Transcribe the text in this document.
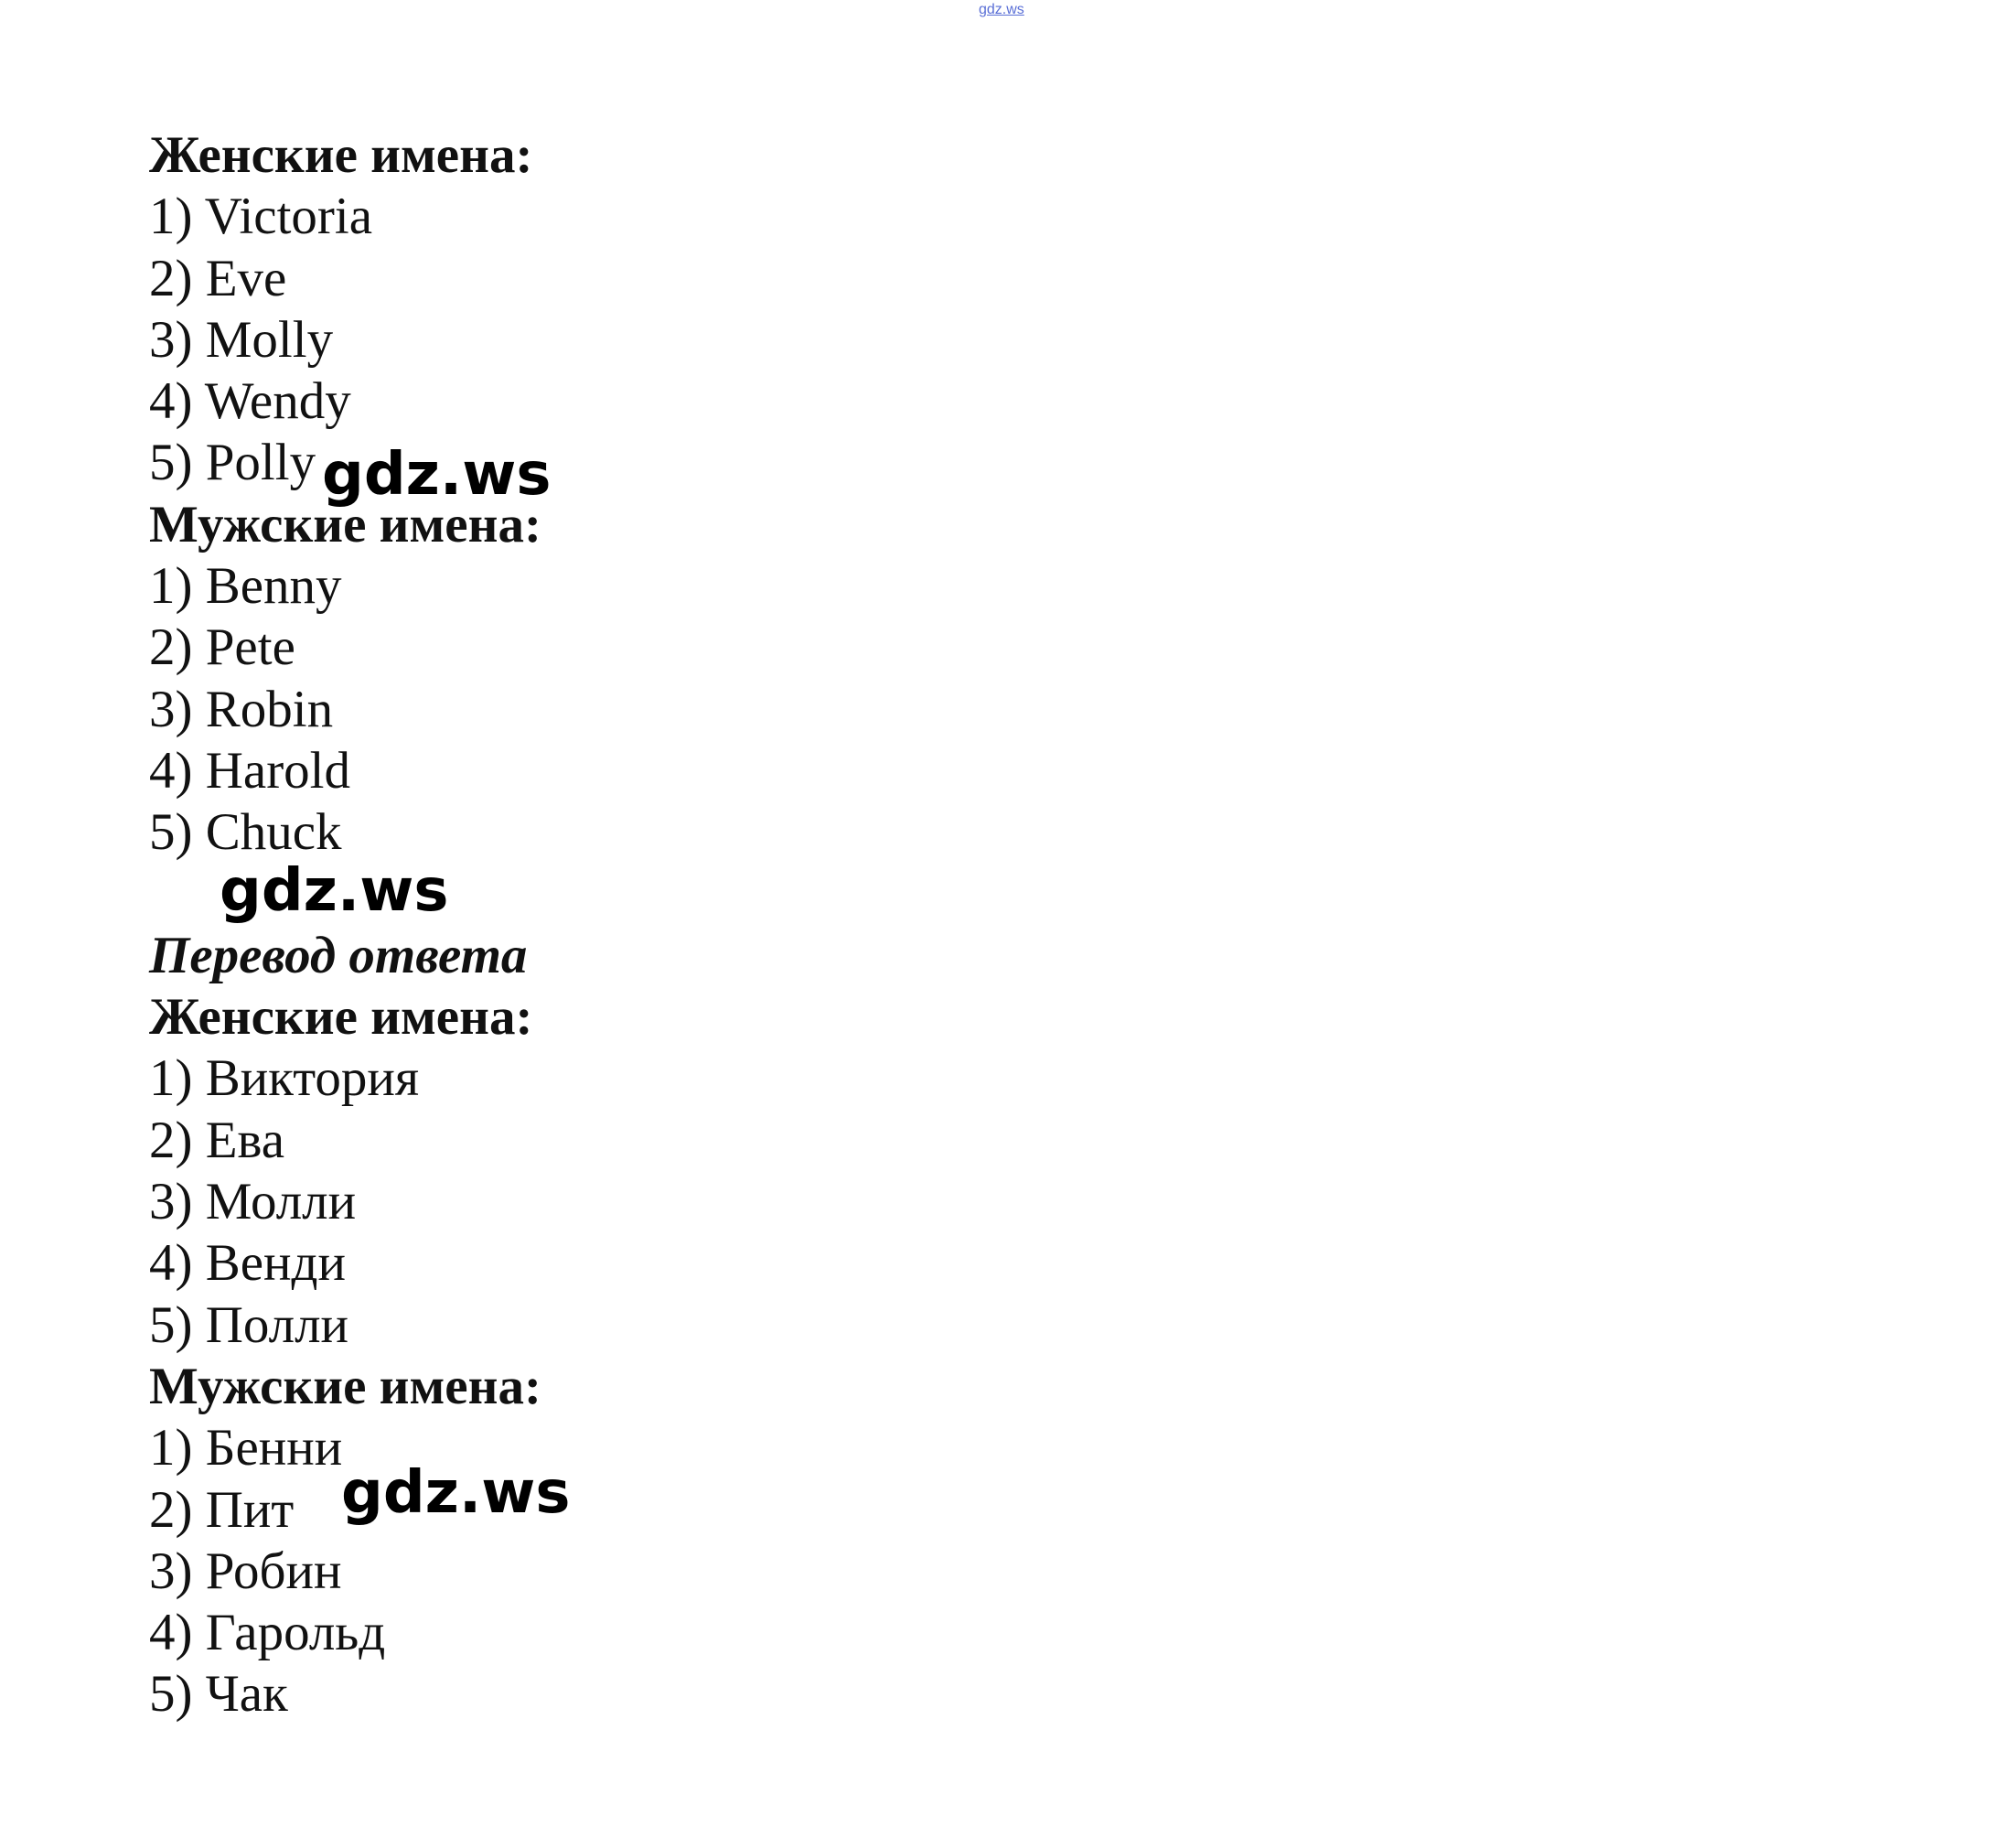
gdz.ws
Женские имена:
1) Victoria
2) Eve
3) Molly
4) Wendy
5) Polly
Мужские имена:
1) Benny
2) Pete
3) Robin
4) Harold
5) Chuck
Перевод ответа
Женские имена:
1) Виктория
2) Ева
3) Молли
4) Венди
5) Полли
Мужские имена:
1) Бенни
2) Пит
3) Робин
4) Гарольд
5) Чак
gdz.ws
gdz.ws
gdz.ws
